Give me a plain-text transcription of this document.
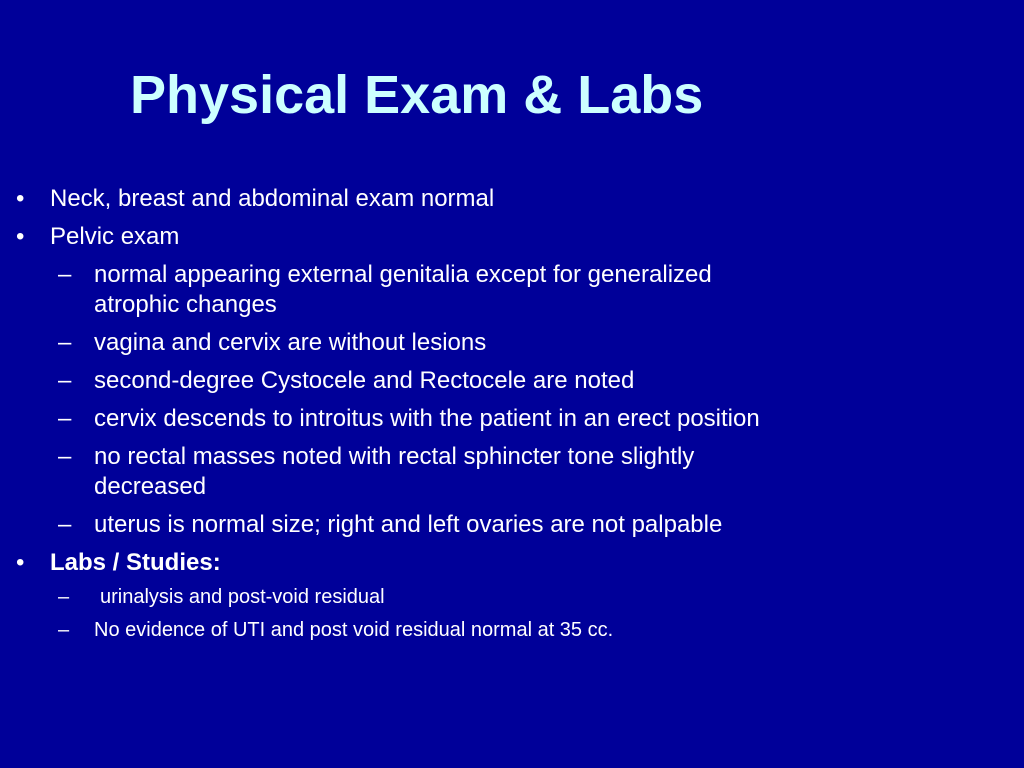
Physical Exam & Labs
• Neck, breast and abdominal exam normal
• Pelvic exam
– normal appearing external genitalia except for generalized
atrophic changes
– vagina and cervix are without lesions
– second-degree Cystocele and Rectocele are noted
– cervix descends to introitus with the patient in an erect position
– no rectal masses noted with rectal sphincter tone slightly
decreased
– uterus is normal size; right and left ovaries are not palpable
• Labs / Studies:
– urinalysis and post-void residual
– No evidence of UTI and post void residual normal at 35 cc.
